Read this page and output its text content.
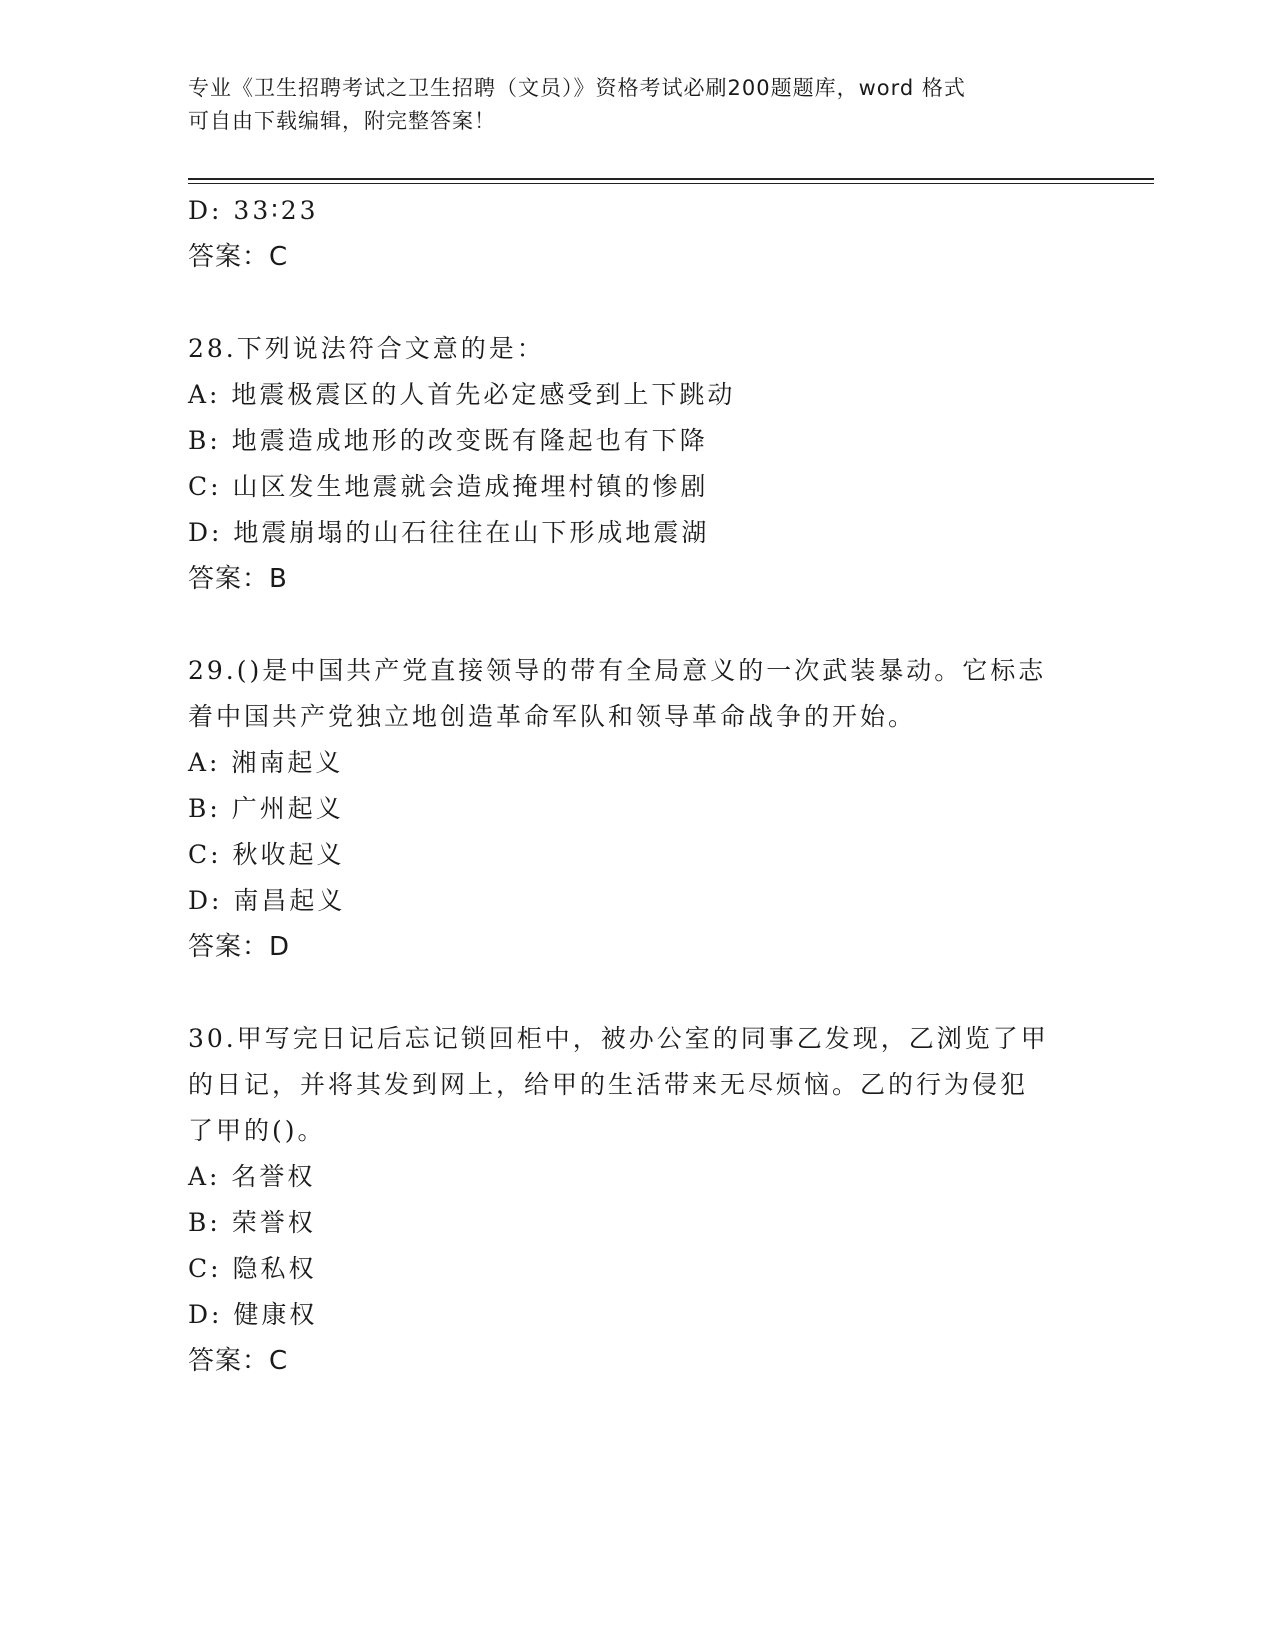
专业《卫生招聘考试之卫生招聘（文员）》资格考试必刷200题题库，word 格式
可自由下载编辑，附完整答案！
D: 33∶23
答案：C
28.下列说法符合文意的是：
A: 地震极震区的人首先必定感受到上下跳动
B: 地震造成地形的改变既有隆起也有下降
C: 山区发生地震就会造成掩埋村镇的惨剧
D: 地震崩塌的山石往往在山下形成地震湖
答案：B
29.()是中国共产党直接领导的带有全局意义的一次武装暴动。它标志
着中国共产党独立地创造革命军队和领导革命战争的开始。
A: 湘南起义
B: 广州起义
C: 秋收起义
D: 南昌起义
答案：D
30.甲写完日记后忘记锁回柜中，被办公室的同事乙发现，乙浏览了甲
的日记，并将其发到网上，给甲的生活带来无尽烦恼。乙的行为侵犯
了甲的()。
A: 名誉权
B: 荣誉权
C: 隐私权
D: 健康权
答案：C
